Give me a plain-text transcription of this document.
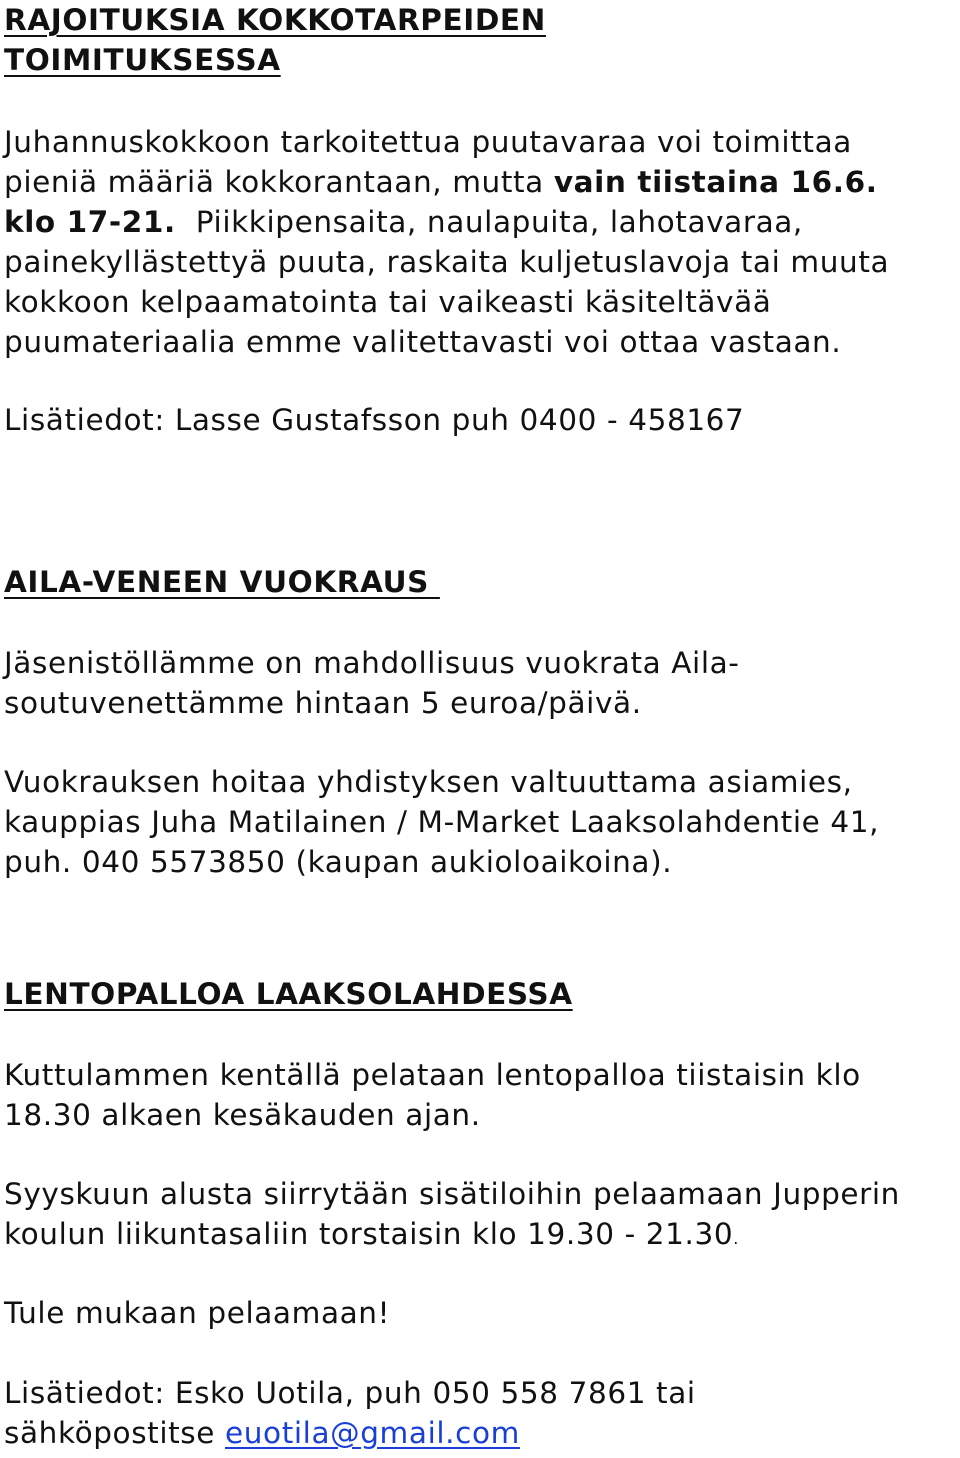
RAJOITUKSIA KOKKOTARPEIDEN
TOIMITUKSESSA
Juhannuskokkoon tarkoitettua puutavaraa voi toimittaa
pieniä määriä kokkorantaan, mutta vain tiistaina 16.6.
klo 17-21.  Piikkipensaita, naulapuita, lahotavaraa,
painekyllästettyä puuta, raskaita kuljetuslavoja tai muuta
kokkoon kelpaamatointa tai vaikeasti käsiteltävää
puumateriaalia emme valitettavasti voi ottaa vastaan.
Lisätiedot: Lasse Gustafsson puh 0400 - 458167
AILA-VENEEN VUOKRAUS
Jäsenistöllämme on mahdollisuus vuokrata Aila-
soutuvenettämme hintaan 5 euroa/päivä.
Vuokrauksen hoitaa yhdistyksen valtuuttama asiamies,
kauppias Juha Matilainen / M-Market Laaksolahdentie 41,
puh. 040 5573850 (kaupan aukioloaikoina).
LENTOPALLOA LAAKSOLAHDESSA
Kuttulammen kentällä pelataan lentopalloa tiistaisin klo
18.30 alkaen kesäkauden ajan.
Syyskuun alusta siirrytään sisätiloihin pelaamaan Jupperin
koulun liikuntasaliin torstaisin klo 19.30 - 21.30.
Tule mukaan pelaamaan!
Lisätiedot: Esko Uotila, puh 050 558 7861 tai
sähköpostitse euotila@gmail.com
